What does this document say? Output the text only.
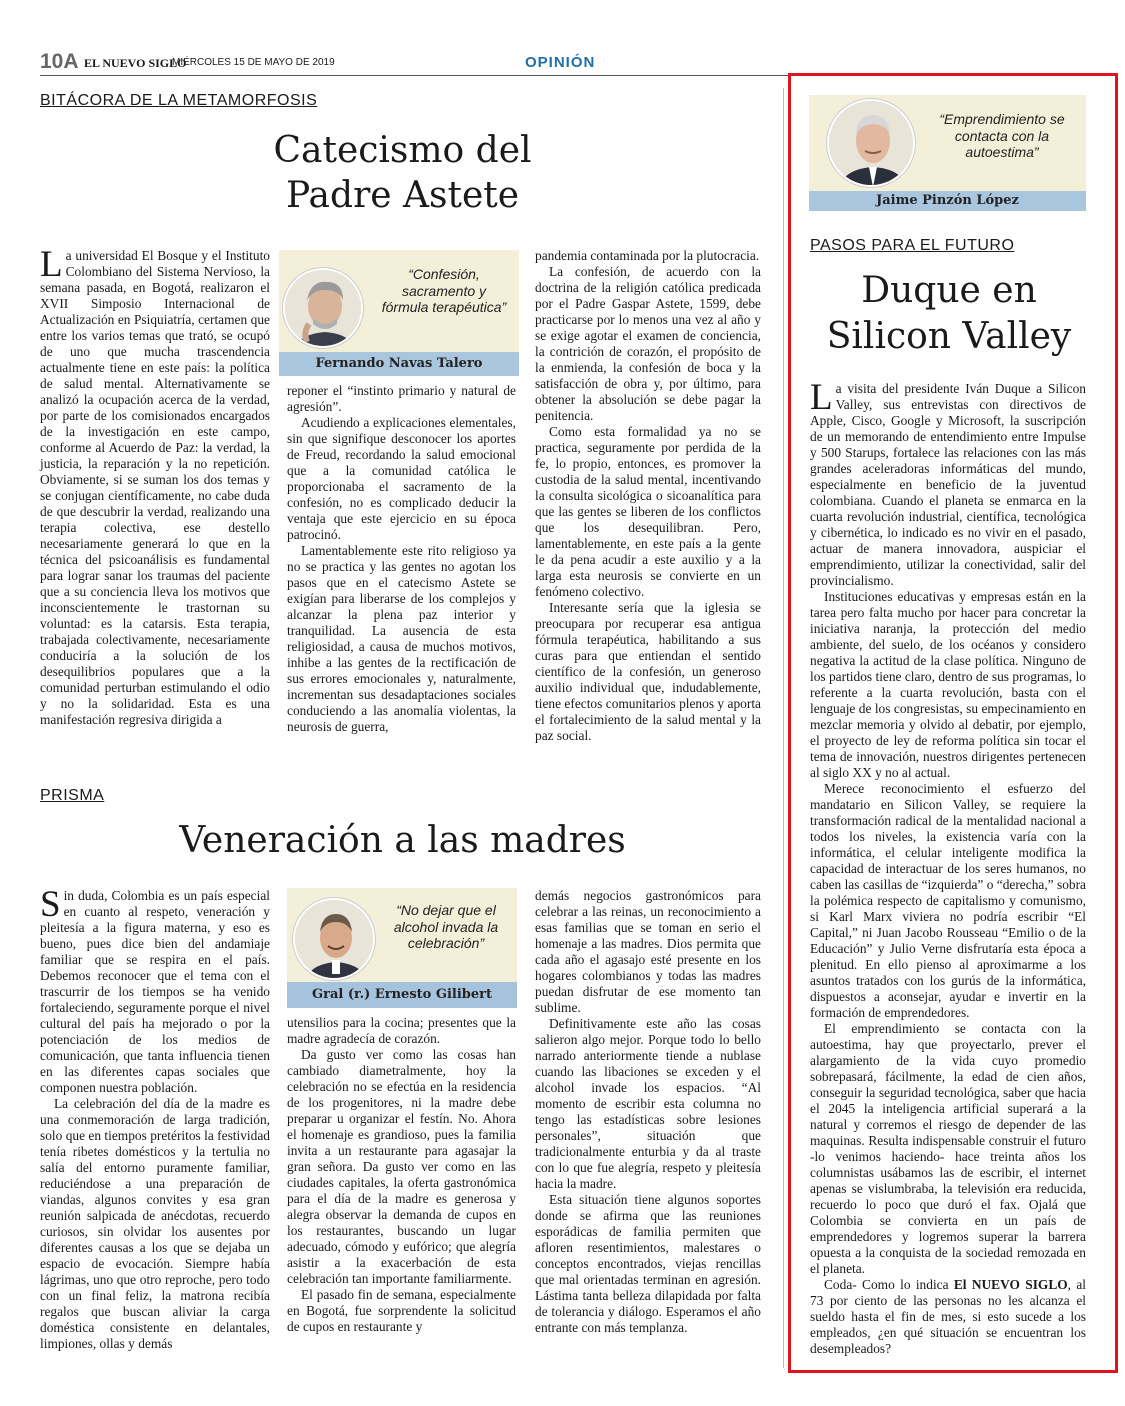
10A EL NUEVO SIGLO
MIÉRCOLES 15 DE MAYO DE 2019	OPINIÓN
BITÁCORA DE LA METAMORFOSIS
Catecismo del
Padre Astete

La universidad El Bosque y el Instituto Colombiano del Sistema Nervioso, la semana pasada, en Bogotá, realizaron el XVII Simposio Internacional de Actualización en Psiquiatría, certamen que entre los varios temas que trató, se ocupó de uno que mucha trascendencia actualmente tiene en este país: la política de salud mental. Alternativamente se analizó la ocupación acerca de la verdad, por parte de los comisionados encargados de la investigación en este campo, conforme al Acuerdo de Paz: la verdad, la justicia, la reparación y la no repetición. Obviamente, si se suman los dos temas y se conjugan científicamente, no cabe duda de que descubrir la verdad, realizando una terapia colectiva, ese destello necesariamente generará lo que en la técnica del psicoanálisis es fundamental para lograr sanar los traumas del paciente que a su conciencia lleva los motivos que inconscientemente le trastornan su voluntad: es la catarsis. Esta terapia, trabajada colectivamente, necesariamente conduciría a la solución de los desequilibrios populares que a la comunidad perturban estimulando el odio y no la solidaridad. Esta es una manifestación regresiva dirigida a

“Confesión, sacramento y fórmula terapéutica”
Fernando Navas Talero

reponer el “instinto primario y natural de agresión”.

Acudiendo a explicaciones elementales, sin que signifique desconocer los aportes de Freud, recordando la salud emocional que a la comunidad católica le proporcionaba el sacramento de la confesión, no es complicado deducir la ventaja que este ejercicio en su época patrocinó.

Lamentablemente este rito religioso ya no se practica y las gentes no agotan los pasos que en el catecismo Astete se exigían para liberarse de los complejos y alcanzar la plena paz interior y tranquilidad. La ausencia de esta religiosidad, a causa de muchos motivos, inhibe a las gentes de la rectificación de sus errores emocionales y, naturalmente, incrementan sus desadaptaciones sociales conduciendo a las anomalía violentas, la neurosis de guerra,

pandemia contaminada por la plutocracia.

La confesión, de acuerdo con la doctrina de la religión católica predicada por el Padre Gaspar Astete, 1599, debe practicarse por lo menos una vez al año y se exige agotar el examen de conciencia, la contrición de corazón, el propósito de la enmienda, la confesión de boca y la satisfacción de obra y, por último, para obtener la absolución se debe pagar la penitencia.

Como esta formalidad ya no se practica, seguramente por perdida de la fe, lo propio, entonces, es promover la custodia de la salud mental, incentivando la consulta sicológica o sicoanalítica para que las gentes se liberen de los conflictos que los desequilibran. Pero, lamentablemente, en este país a la gente le da pena acudir a este auxilio y a la larga esta neurosis se convierte en un fenómeno colectivo.

Interesante sería que la iglesia se preocupara por recuperar esa antigua fórmula terapéutica, habilitando a sus curas para que entiendan el sentido científico de la confesión, un generoso auxilio individual que, indudablemente, tiene efectos comunitarios plenos y aporta el fortalecimiento de la salud mental y la paz social.

PRISMA
Veneración a las madres

Sin duda, Colombia es un país especial en cuanto al respeto, veneración y pleitesía a la figura materna, y eso es bueno, pues dice bien del andamiaje familiar que se respira en el país. Debemos reconocer que el tema con el trascurrir de los tiempos se ha venido fortaleciendo, seguramente porque el nivel cultural del país ha mejorado o por la potenciación de los medios de comunicación, que tanta influencia tienen en las diferentes capas sociales que componen nuestra población.

La celebración del día de la madre es una conmemoración de larga tradición, solo que en tiempos pretéritos la festividad tenía ribetes domésticos y la tertulia no salía del entorno puramente familiar, reduciéndose a una preparación de viandas, algunos convites y esa gran reunión salpicada de anécdotas, recuerdo curiosos, sin olvidar los ausentes por diferentes causas a los que se dejaba un espacio de evocación. Siempre había lágrimas, uno que otro reproche, pero todo con un final feliz, la matrona recibía regalos que buscan aliviar la carga doméstica consistente en delantales, limpiones, ollas y demás

“No dejar que el alcohol invada la celebración”
Gral (r.) Ernesto Gilibert

utensilios para la cocina; presentes que la madre agradecía de corazón.

Da gusto ver como las cosas han cambiado diametralmente, hoy la celebración no se efectúa en la residencia de los progenitores, ni la madre debe preparar u organizar el festín. No. Ahora el homenaje es grandioso, pues la familia invita a un restaurante para agasajar la gran señora. Da gusto ver como en las ciudades capitales, la oferta gastronómica para el día de la madre es generosa y alegra observar la demanda de cupos en los restaurantes, buscando un lugar adecuado, cómodo y eufórico; que alegría asistir a la exacerbación de esta celebración tan importante familiarmente.

El pasado fin de semana, especialmente en Bogotá, fue sorprendente la solicitud de cupos en restaurante y

demás negocios gastronómicos para celebrar a las reinas, un reconocimiento a esas familias que se toman en serio el homenaje a las madres. Dios permita que cada año el agasajo esté presente en los hogares colombianos y todas las madres puedan disfrutar de ese momento tan sublime.

Definitivamente este año las cosas salieron algo mejor. Porque todo lo bello narrado anteriormente tiende a nublase cuando las libaciones se exceden y el alcohol invade los espacios. “Al momento de escribir esta columna no tengo las estadísticas sobre lesiones personales”, situación que tradicionalmente enturbia y da al traste con lo que fue alegría, respeto y pleitesía hacia la madre.

Esta situación tiene algunos soportes donde se afirma que las reuniones esporádicas de familia permiten que afloren resentimientos, malestares o conceptos encontrados, viejas rencillas que mal orientadas terminan en agresión. Lástima tanta belleza dilapidada por falta de tolerancia y diálogo. Esperamos el año entrante con más templanza.

“Emprendimiento se contacta con la autoestima”
Jaime Pinzón López
PASOS PARA EL FUTURO
Duque en
Silicon Valley

La visita del presidente Iván Duque a Silicon Valley, sus entrevistas con directivos de Apple, Cisco, Google y Microsoft, la suscripción de un memorando de entendimiento entre Impulse y 500 Starups, fortalece las relaciones con las más grandes aceleradoras informáticas del mundo, especialmente en beneficio de la juventud colombiana. Cuando el planeta se enmarca en la cuarta revolución industrial, científica, tecnológica y cibernética, lo indicado es no vivir en el pasado, actuar de manera innovadora, auspiciar el emprendimiento, utilizar la conectividad, salir del provincialismo.

Instituciones educativas y empresas están en la tarea pero falta mucho por hacer para concretar la iniciativa naranja, la protección del medio ambiente, del suelo, de los océanos y considero negativa la actitud de la clase política. Ninguno de los partidos tiene claro, dentro de sus programas, lo referente a la cuarta revolución, basta con el lenguaje de los congresistas, su empecinamiento en mezclar memoria y olvido al debatir, por ejemplo, el proyecto de ley de reforma política sin tocar el tema de innovación, nuestros dirigentes pertenecen al siglo XX y no al actual.

Merece reconocimiento el esfuerzo del mandatario en Silicon Valley, se requiere la transformación radical de la mentalidad nacional a todos los niveles, la existencia varía con la informática, el celular inteligente modifica la capacidad de interactuar de los seres humanos, no caben las casillas de “izquierda” o “derecha,” sobra la polémica respecto de capitalismo y comunismo, si Karl Marx viviera no podría escribir “El Capital,” ni Juan Jacobo Rousseau “Emilio o de la Educación” y Julio Verne disfrutaría esta época a plenitud. En ello pienso al aproximarme a los asuntos tratados con los gurús de la informática, dispuestos a aconsejar, ayudar e invertir en la formación de emprendedores.

El emprendimiento se contacta con la autoestima, hay que proyectarlo, prever el alargamiento de la vida cuyo promedio sobrepasará, fácilmente, la edad de cien años, conseguir la seguridad tecnológica, saber que hacia el 2045 la inteligencia artificial superará a la natural y corremos el riesgo de depender de las maquinas. Resulta indispensable construir el futuro -lo venimos haciendo- hace treinta años los columnistas usábamos las de escribir, el internet apenas se vislumbraba, la televisión era reducida, recuerdo lo poco que duró el fax. Ojalá que Colombia se convierta en un país de emprendedores y logremos superar la barrera opuesta a la conquista de la sociedad remozada en el planeta.

Coda- Como lo indica El NUEVO SIGLO, al 73 por ciento de las personas no les alcanza el sueldo hasta el fin de mes, si esto sucede a los empleados, ¿en qué situación se encuentran los desempleados?
